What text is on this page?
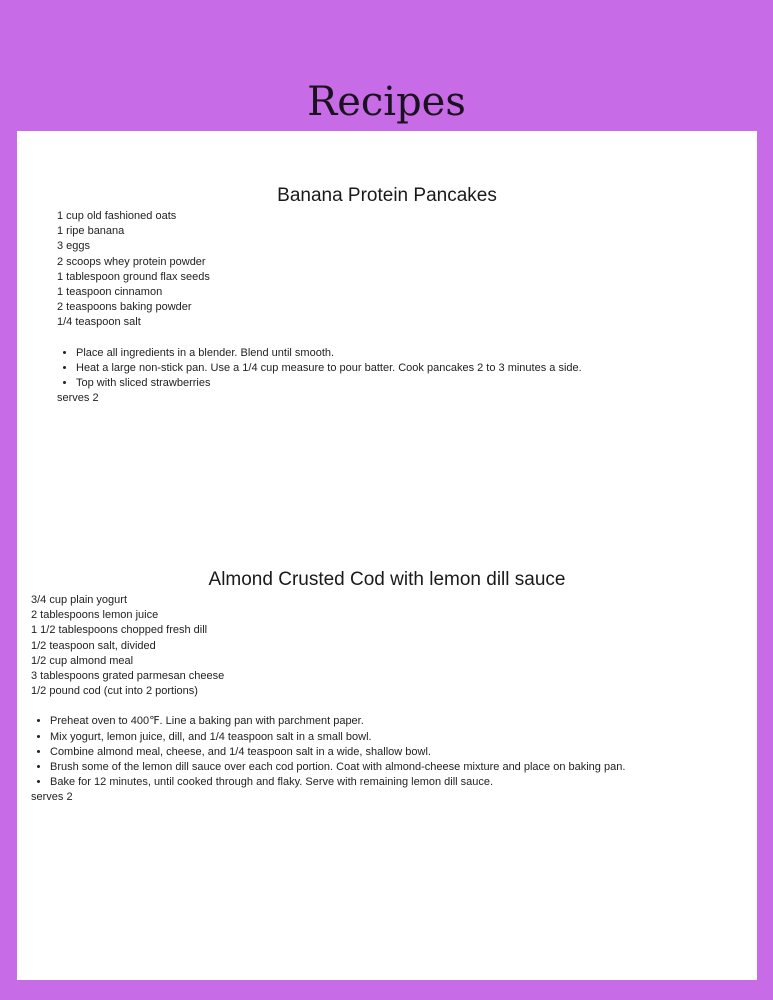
Recipes
Banana Protein Pancakes
1 cup old fashioned oats
1 ripe banana
3 eggs
2 scoops whey protein powder
1 tablespoon ground flax seeds
1 teaspoon cinnamon
2 teaspoons baking powder
1/4 teaspoon salt
• Place all ingredients in a blender. Blend until smooth.
• Heat a large non-stick pan. Use a 1/4 cup measure to pour batter. Cook pancakes 2 to 3 minutes a side.
• Top with sliced strawberries
serves 2
Almond Crusted Cod with lemon dill sauce
3/4 cup plain yogurt
2 tablespoons lemon juice
1 1/2 tablespoons chopped fresh dill
1/2 teaspoon salt, divided
1/2 cup almond meal
3 tablespoons grated parmesan cheese
1/2 pound cod (cut into 2 portions)
• Preheat oven to 400℉. Line a baking pan with parchment paper.
• Mix yogurt, lemon juice, dill, and 1/4 teaspoon salt in a small bowl.
• Combine almond meal, cheese, and 1/4 teaspoon salt in a wide, shallow bowl.
• Brush some of the lemon dill sauce over each cod portion. Coat with almond-cheese mixture and place on baking pan.
• Bake for 12 minutes, until cooked through and flaky. Serve with remaining lemon dill sauce.
serves 2
